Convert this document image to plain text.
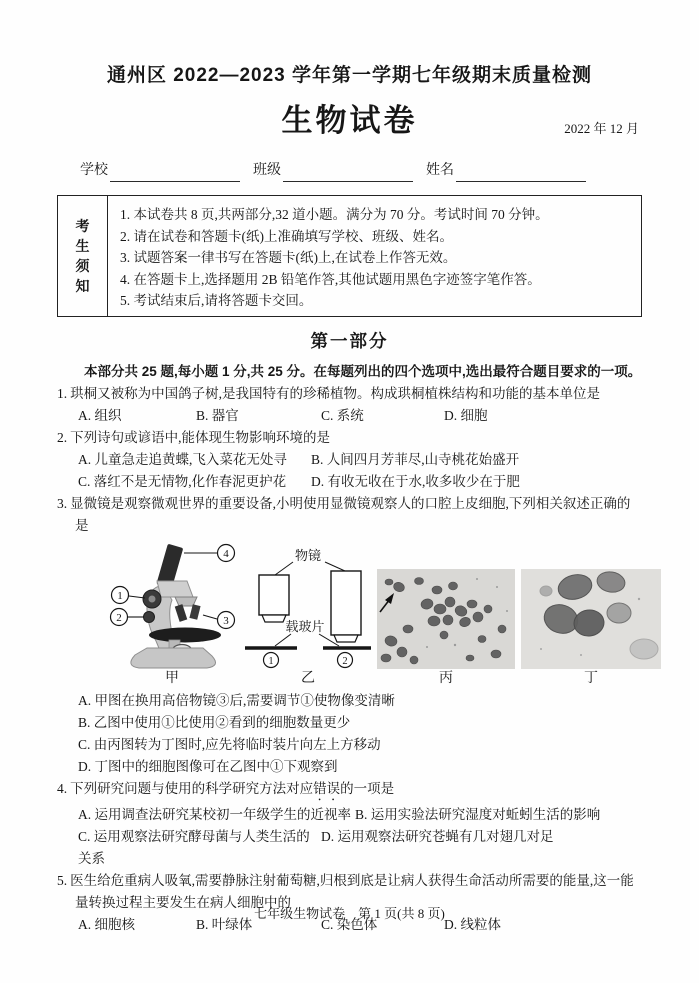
通州区 2022—2023 学年第一学期七年级期末质量检测
生物试卷	2022 年 12 月
学校	班级	姓名
考
生
须
知
1. 本试卷共 8 页,共两部分,32 道小题。满分为 70 分。考试时间 70 分钟。
2. 请在试卷和答题卡(纸)上准确填写学校、班级、姓名。
3. 试题答案一律书写在答题卡(纸)上,在试卷上作答无效。
4. 在答题卡上,选择题用 2B 铅笔作答,其他试题用黑色字迹签字笔作答。
5. 考试结束后,请将答题卡交回。
第一部分
本部分共 25 题,每小题 1 分,共 25 分。在每题列出的四个选项中,选出最符合题目要求的一项。
1. 珙桐又被称为中国鸽子树,是我国特有的珍稀植物。构成珙桐植株结构和功能的基本单位是
A. 组织	B. 器官	C. 系统	D. 细胞
2. 下列诗句或谚语中,能体现生物影响环境的是
A. 儿童急走追黄蝶,飞入菜花无处寻	B. 人间四月芳菲尽,山寺桃花始盛开
C. 落红不是无情物,化作春泥更护花	D. 有收无收在于水,收多收少在于肥
3. 显微镜是观察微观世界的重要设备,小明使用显微镜观察人的口腔上皮细胞,下列相关叙述正确的是
4
1
2	3
甲
物镜
载玻片
1	2
乙	丙	丁
A. 甲图在换用高倍物镜③后,需要调节①使物像变清晰
B. 乙图中使用①比使用②看到的细胞数量更少
C. 由丙图转为丁图时,应先将临时装片向左上方移动
D. 丁图中的细胞图像可在乙图中①下观察到
4. 下列研究问题与使用的科学研究方法对应错误的一项是
A. 运用调查法研究某校初一年级学生的近视率 B. 运用实验法研究湿度对蚯蚓生活的影响
C. 运用观察法研究酵母菌与人类生活的关系
D. 运用观察法研究苍蝇有几对翅几对足
5. 医生给危重病人吸氧,需要静脉注射葡萄糖,归根到底是让病人获得生命活动所需要的能量,这一能量转换过程主要发生在病人细胞中的
A. 细胞核	B. 叶绿体	C. 染色体	D. 线粒体
七年级生物试卷　第 1 页(共 8 页)
